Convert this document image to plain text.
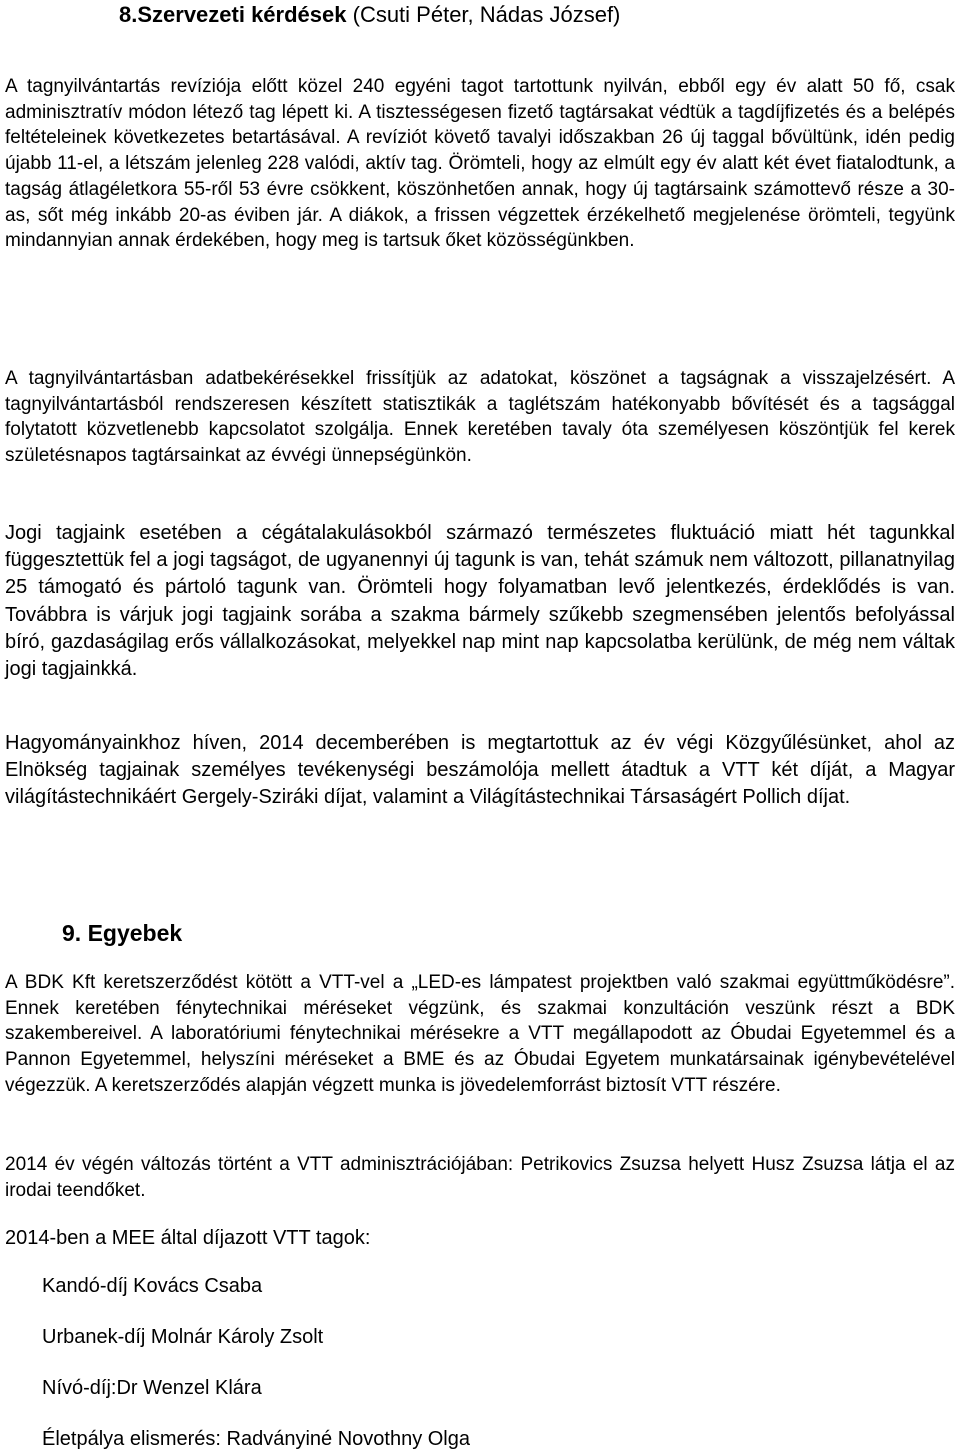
8.Szervezeti kérdések (Csuti Péter, Nádas József)

A tagnyilvántartás revíziója előtt közel 240 egyéni tagot tartottunk nyilván, ebből egy év alatt 50 fő, csak adminisztratív módon létező tag lépett ki. A tisztességesen fizető tagtársakat védtük a tagdíjfizetés és a belépés feltételeinek következetes betartásával. A revíziót követő tavalyi időszakban 26 új taggal bővültünk, idén pedig újabb 11-el, a létszám jelenleg 228 valódi, aktív tag. Örömteli, hogy az elmúlt egy év alatt két évet fiatalodtunk, a tagság átlagéletkora 55-ről 53 évre csökkent, köszönhetően annak, hogy új tagtársaink számottevő része a 30-as, sőt még inkább 20-as éviben jár. A diákok, a frissen végzettek érzékelhető megjelenése örömteli, tegyünk mindannyian annak érdekében, hogy meg is tartsuk őket közösségünkben.

A tagnyilvántartásban adatbekérésekkel frissítjük az adatokat, köszönet a tagságnak a visszajelzésért. A tagnyilvántartásból rendszeresen készített statisztikák a taglétszám hatékonyabb bővítését és a tagsággal folytatott közvetlenebb kapcsolatot szolgálja. Ennek keretében tavaly óta személyesen köszöntjük fel kerek születésnapos tagtársainkat az évvégi ünnepségünkön.

Jogi tagjaink esetében a cégátalakulásokból származó természetes fluktuáció miatt hét tagunkkal függesztettük fel a jogi tagságot, de ugyanennyi új tagunk is van, tehát számuk nem változott, pillanatnyilag 25 támogató és pártoló tagunk van. Örömteli hogy folyamatban levő jelentkezés, érdeklődés is van. Továbbra is várjuk jogi tagjaink sorába a szakma bármely szűkebb szegmensében jelentős befolyással bíró, gazdaságilag erős vállalkozásokat, melyekkel nap mint nap kapcsolatba kerülünk, de még nem váltak jogi tagjainkká.

Hagyományainkhoz híven, 2014 decemberében is megtartottuk az év végi Közgyűlésünket, ahol az Elnökség tagjainak személyes tevékenységi beszámolója mellett átadtuk a VTT két díját, a Magyar világítástechnikáért Gergely-Sziráki díjat, valamint a Világítástechnikai Társaságért Pollich díjat.

9. Egyebek

A BDK Kft keretszerződést kötött a VTT-vel a „LED-es lámpatest projektben való szakmai együttműködésre”. Ennek keretében fénytechnikai méréseket végzünk, és szakmai konzultáción veszünk részt a BDK szakembereivel. A laboratóriumi fénytechnikai mérésekre a VTT megállapodott az Óbudai Egyetemmel és a Pannon Egyetemmel, helyszíni méréseket a BME és az Óbudai Egyetem munkatársainak igénybevételével végezzük. A keretszerződés alapján végzett munka is jövedelemforrást biztosít VTT részére.

2014 év végén változás történt a VTT adminisztrációjában: Petrikovics Zsuzsa helyett Husz Zsuzsa látja el az irodai teendőket.

2014-ben a MEE által díjazott VTT tagok:

Kandó-díj Kovács Csaba

Urbanek-díj Molnár Károly Zsolt

Nívó-díj:Dr Wenzel Klára

Életpálya elismerés: Radványiné Novothny Olga
